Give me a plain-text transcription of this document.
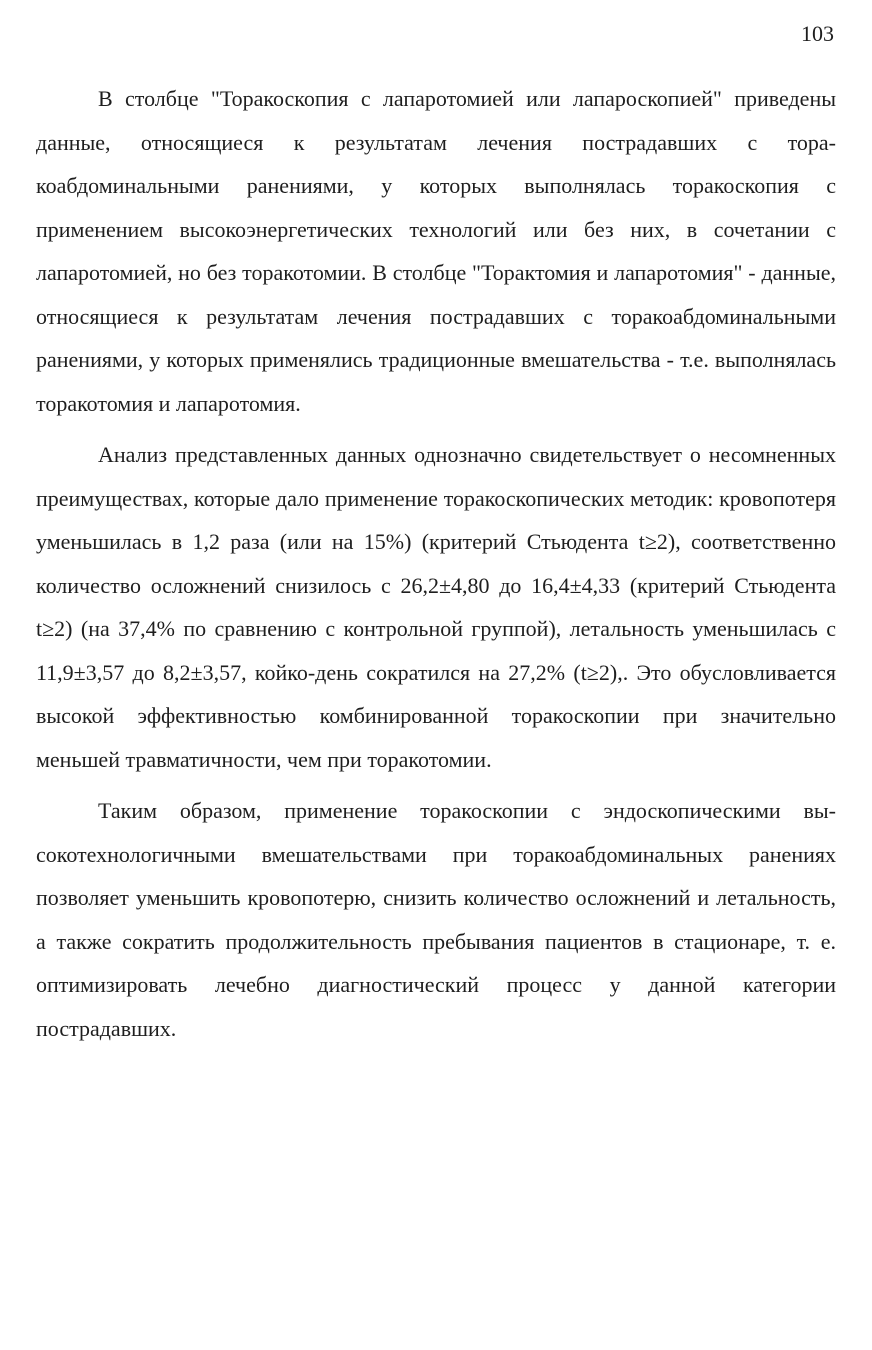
103

В столбце "Торакоскопия с лапаротомией или лапароскопией" приведены данные, относящиеся к результатам лечения пострадавших с торакоабдоминальными ранениями, у которых выполнялась торакоскопия с применением высокоэнергетических технологий или без них, в сочетании с лапаротомией, но без торакотомии. В столбце "Торактомия и лапаротомия" - данные, относящиеся к результатам лечения пострадавших с торакоабдоминальными ранениями, у которых применялись традиционные вмешательства - т.е. выполнялась торакотомия и лапаротомия.

Анализ представленных данных однозначно свидетельствует о несомненных преимуществах, которые дало применение торакоскопических методик: кровопотеря уменьшилась в 1,2 раза (или на 15%) (критерий Стьюдента t≥2), соответственно количество осложнений снизилось с 26,2±4,80 до 16,4±4,33 (критерий Стьюдента t≥2) (на 37,4% по сравнению с контрольной группой), летальность уменьшилась с 11,9±3,57 до 8,2±3,57, койко-день сократился на 27,2% (t≥2),. Это обусловливается высокой эффективностью комбинированной торакоскопии при значительно меньшей травматичности, чем при торакотомии.

Таким образом, применение торакоскопии с эндоскопическими высокотехнологичными вмешательствами при торакоабдоминальных ранениях позволяет уменьшить кровопотерю, снизить количество осложнений и летальность, а также сократить продолжительность пребывания пациентов в стационаре, т. е. оптимизировать лечебно диагностический процесс у данной категории пострадавших.
